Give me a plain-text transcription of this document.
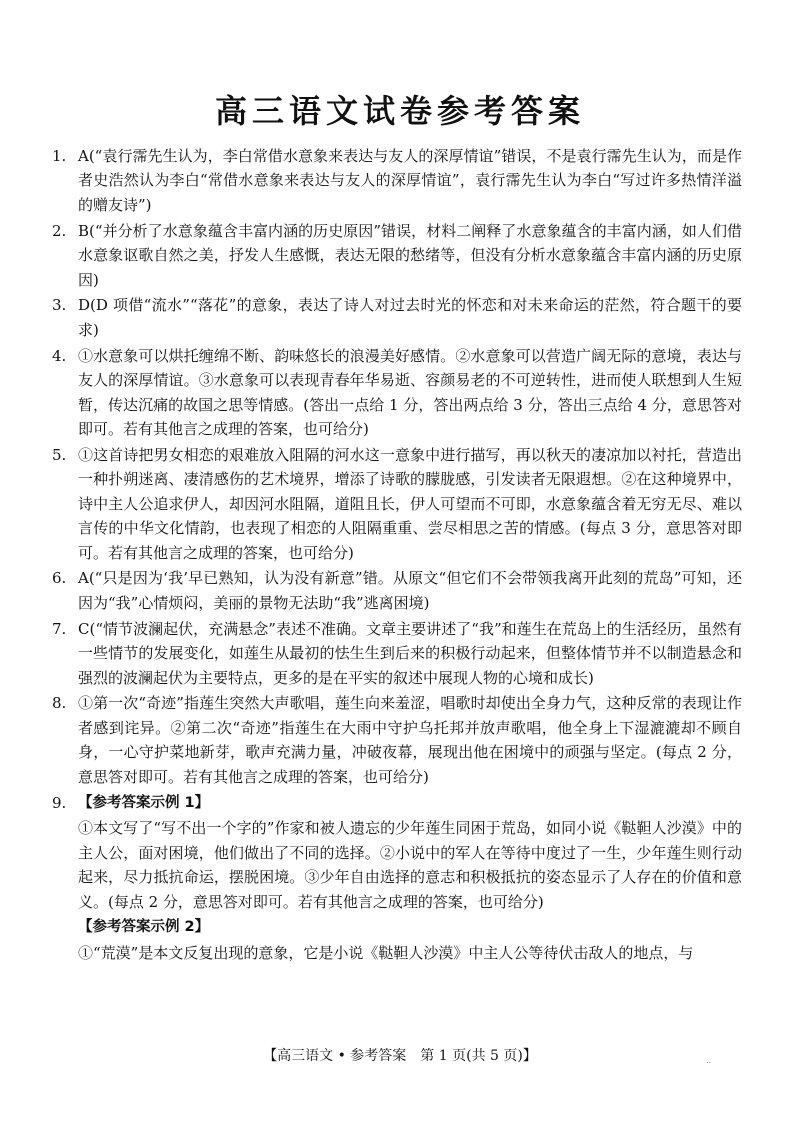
高三语文试卷参考答案
1. A(“袁行霈先生认为，李白常借水意象来表达与友人的深厚情谊”错误，不是袁行霈先生认为，而是作者史浩然认为李白“常借水意象来表达与友人的深厚情谊”，袁行霈先生认为李白“写过许多热情洋溢的赠友诗”)
2. B(“并分析了水意象蕴含丰富内涵的历史原因”错误，材料二阐释了水意象蕴含的丰富内涵，如人们借水意象讴歌自然之美，抒发人生感慨，表达无限的愁绪等，但没有分析水意象蕴含丰富内涵的历史原因)
3. D(D 项借“流水”“落花”的意象，表达了诗人对过去时光的怀恋和对未来命运的茫然，符合题干的要求)
4. ①水意象可以烘托缠绵不断、韵味悠长的浪漫美好感情。②水意象可以营造广阔无际的意境，表达与友人的深厚情谊。③水意象可以表现青春年华易逝、容颜易老的不可逆转性，进而使人联想到人生短暂，传达沉痛的故国之思等情感。(答出一点给 1 分，答出两点给 3 分，答出三点给 4 分，意思答对即可。若有其他言之成理的答案，也可给分)
5. ①这首诗把男女相恋的艰难放入阻隔的河水这一意象中进行描写，再以秋天的凄凉加以衬托，营造出一种扑朔迷离、凄清感伤的艺术境界，增添了诗歌的朦胧感，引发读者无限遐想。②在这种境界中，诗中主人公追求伊人，却因河水阻隔，道阻且长，伊人可望而不可即，水意象蕴含着无穷无尽、难以言传的中华文化情韵，也表现了相恋的人阻隔重重、尝尽相思之苦的情感。(每点 3 分，意思答对即可。若有其他言之成理的答案，也可给分)
6. A(“只是因为‘我’早已熟知，认为没有新意”错。从原文“但它们不会带领我离开此刻的荒岛”可知，还因为“我”心情烦闷，美丽的景物无法助“我”逃离困境)
7. C(“情节波澜起伏，充满悬念”表述不准确。文章主要讲述了“我”和莲生在荒岛上的生活经历，虽然有一些情节的发展变化，如莲生从最初的怯生生到后来的积极行动起来，但整体情节并不以制造悬念和强烈的波澜起伏为主要特点，更多的是在平实的叙述中展现人物的心境和成长)
8. ①第一次“奇迹”指莲生突然大声歌唱，莲生向来羞涩，唱歌时却使出全身力气，这种反常的表现让作者感到诧异。②第二次“奇迹”指莲生在大雨中守护乌托邦并放声歌唱，他全身上下湿漉漉却不顾自身，一心守护菜地新芽，歌声充满力量，冲破夜幕，展现出他在困境中的顽强与坚定。(每点 2 分，意思答对即可。若有其他言之成理的答案，也可给分)
9. 【参考答案示例 1】
①本文写了“写不出一个字的”作家和被人遗忘的少年莲生同困于荒岛，如同小说《鞑靼人沙漠》中的主人公，面对困境，他们做出了不同的选择。②小说中的军人在等待中度过了一生，少年莲生则行动起来，尽力抵抗命运，摆脱困境。③少年自由选择的意志和积极抵抗的姿态显示了人存在的价值和意义。(每点 2 分，意思答对即可。若有其他言之成理的答案，也可给分)
【参考答案示例 2】
①“荒漠”是本文反复出现的意象，它是小说《鞑靼人沙漠》中主人公等待伏击敌人的地点，与
【高三语文 • 参考答案　第 1 页(共 5 页)】	..
